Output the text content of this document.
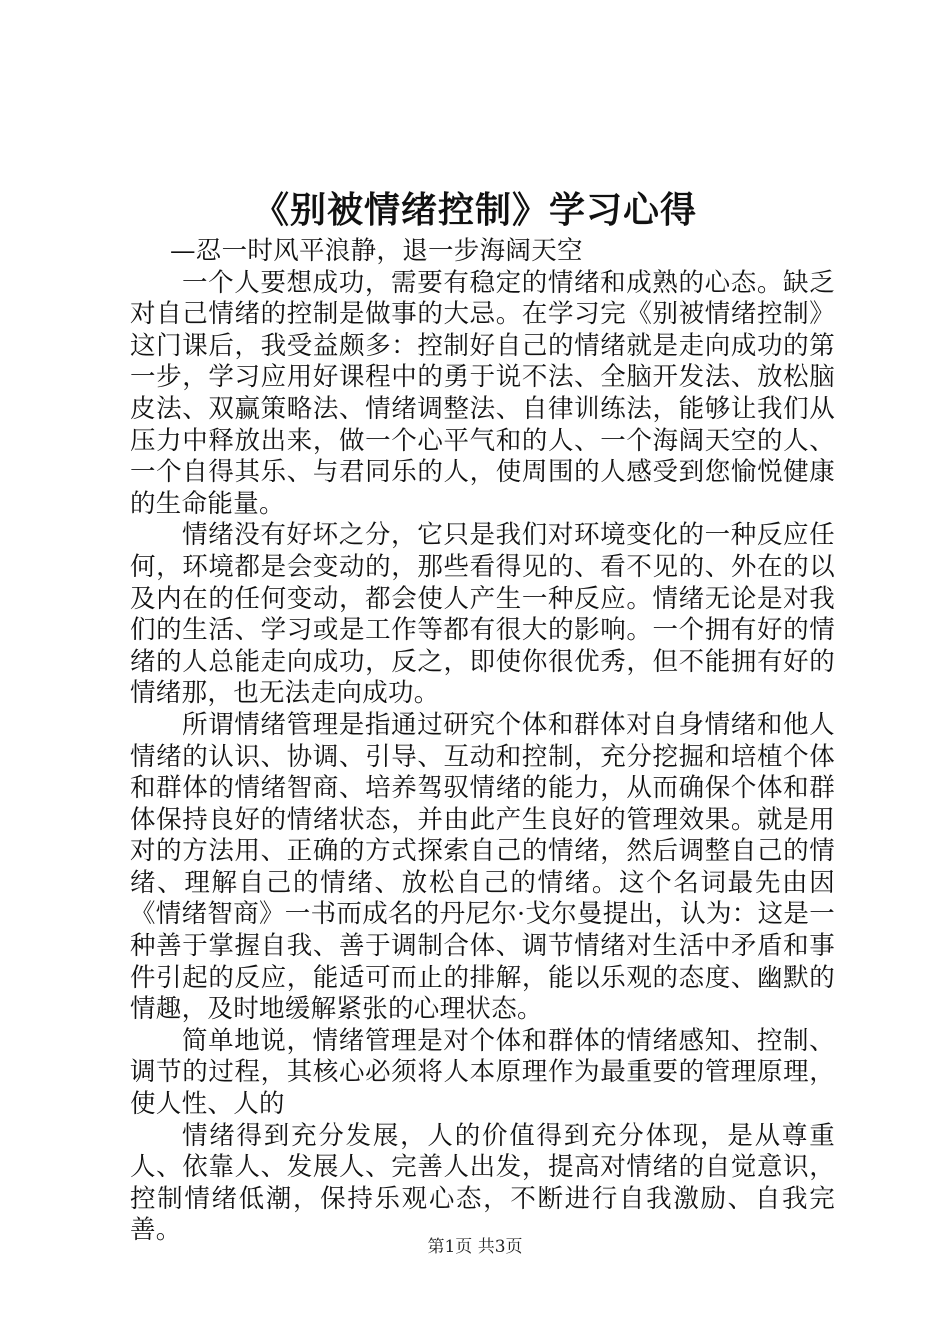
《别被情绪控制》学习心得

—忍一时风平浪静，退一步海阔天空

一个人要想成功，需要有稳定的情绪和成熟的心态。缺乏对自己情绪的控制是做事的大忌。在学习完《别被情绪控制》这门课后，我受益颇多：控制好自己的情绪就是走向成功的第一步，学习应用好课程中的勇于说不法、全脑开发法、放松脑皮法、双赢策略法、情绪调整法、自律训练法，能够让我们从压力中释放出来，做一个心平气和的人、一个海阔天空的人、一个自得其乐、与君同乐的人，使周围的人感受到您愉悦健康的生命能量。

情绪没有好坏之分，它只是我们对环境变化的一种反应任何，环境都是会变动的，那些看得见的、看不见的、外在的以及内在的任何变动，都会使人产生一种反应。情绪无论是对我们的生活、学习或是工作等都有很大的影响。一个拥有好的情绪的人总能走向成功，反之，即使你很优秀，但不能拥有好的情绪那，也无法走向成功。

所谓情绪管理是指通过研究个体和群体对自身情绪和他人情绪的认识、协调、引导、互动和控制，充分挖掘和培植个体和群体的情绪智商、培养驾驭情绪的能力，从而确保个体和群体保持良好的情绪状态，并由此产生良好的管理效果。就是用对的方法用、正确的方式探索自己的情绪，然后调整自己的情绪、理解自己的情绪、放松自己的情绪。这个名词最先由因《情绪智商》一书而成名的丹尼尔·戈尔曼提出，认为：这是一种善于掌握自我、善于调制合体、调节情绪对生活中矛盾和事件引起的反应，能适可而止的排解，能以乐观的态度、幽默的情趣，及时地缓解紧张的心理状态。

简单地说，情绪管理是对个体和群体的情绪感知、控制、调节的过程，其核心必须将人本原理作为最重要的管理原理，使人性、人的

情绪得到充分发展，人的价值得到充分体现，是从尊重人、依靠人、发展人、完善人出发，提高对情绪的自觉意识，控制情绪低潮，保持乐观心态，不断进行自我激励、自我完善。

第1页 共3页
